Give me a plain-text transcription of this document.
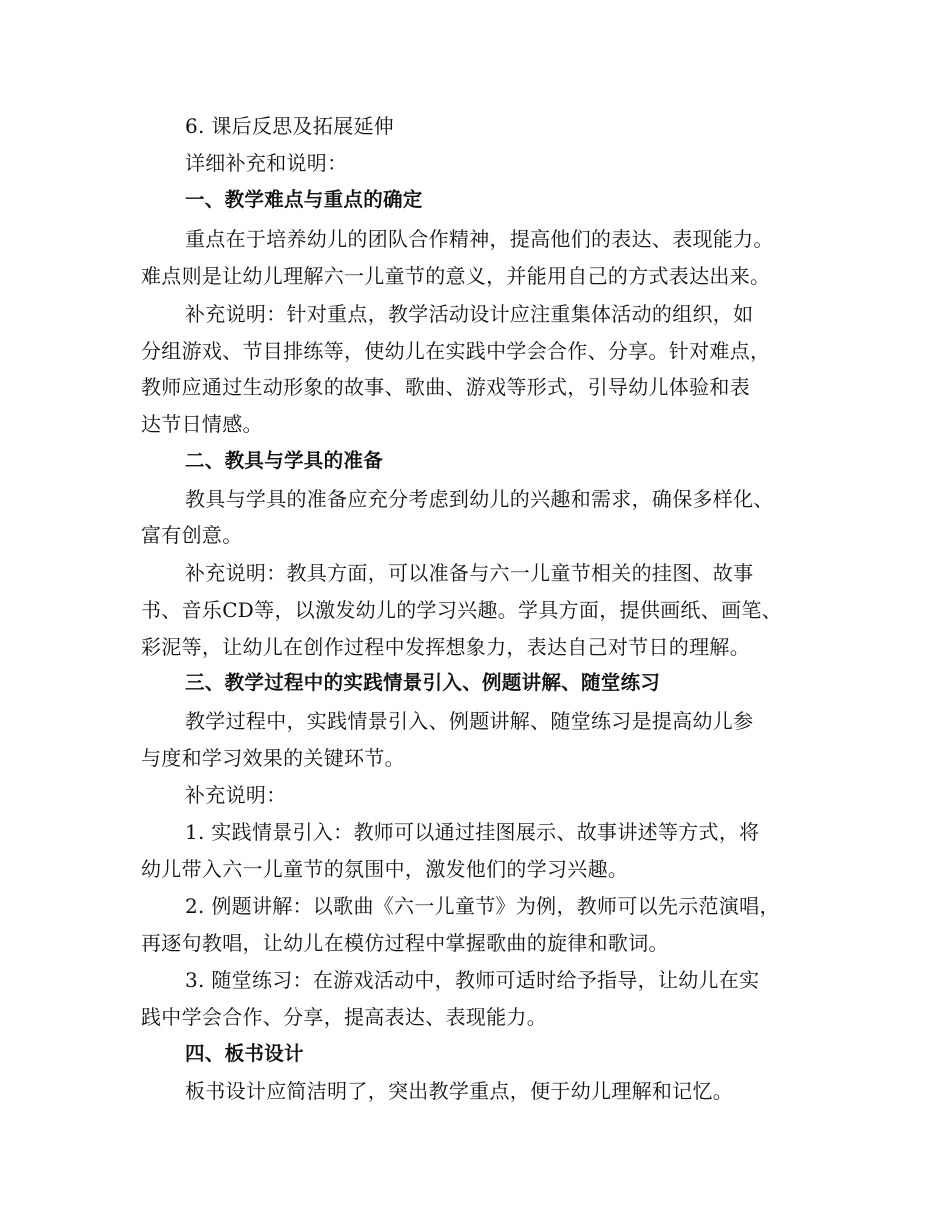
6. 课后反思及拓展延伸
详细补充和说明：
一、教学难点与重点的确定
重点在于培养幼儿的团队合作精神，提高他们的表达、表现能力。
难点则是让幼儿理解六一儿童节的意义，并能用自己的方式表达出来。
补充说明：针对重点，教学活动设计应注重集体活动的组织，如
分组游戏、节目排练等，使幼儿在实践中学会合作、分享。针对难点，
教师应通过生动形象的故事、歌曲、游戏等形式，引导幼儿体验和表
达节日情感。
二、教具与学具的准备
教具与学具的准备应充分考虑到幼儿的兴趣和需求，确保多样化、
富有创意。
补充说明：教具方面，可以准备与六一儿童节相关的挂图、故事
书、音乐CD等，以激发幼儿的学习兴趣。学具方面，提供画纸、画笔、
彩泥等，让幼儿在创作过程中发挥想象力，表达自己对节日的理解。
三、教学过程中的实践情景引入、例题讲解、随堂练习
教学过程中，实践情景引入、例题讲解、随堂练习是提高幼儿参
与度和学习效果的关键环节。
补充说明：
1. 实践情景引入：教师可以通过挂图展示、故事讲述等方式，将
幼儿带入六一儿童节的氛围中，激发他们的学习兴趣。
2. 例题讲解：以歌曲《六一儿童节》为例，教师可以先示范演唱，
再逐句教唱，让幼儿在模仿过程中掌握歌曲的旋律和歌词。
3. 随堂练习：在游戏活动中，教师可适时给予指导，让幼儿在实
践中学会合作、分享，提高表达、表现能力。
四、板书设计
板书设计应简洁明了，突出教学重点，便于幼儿理解和记忆。
